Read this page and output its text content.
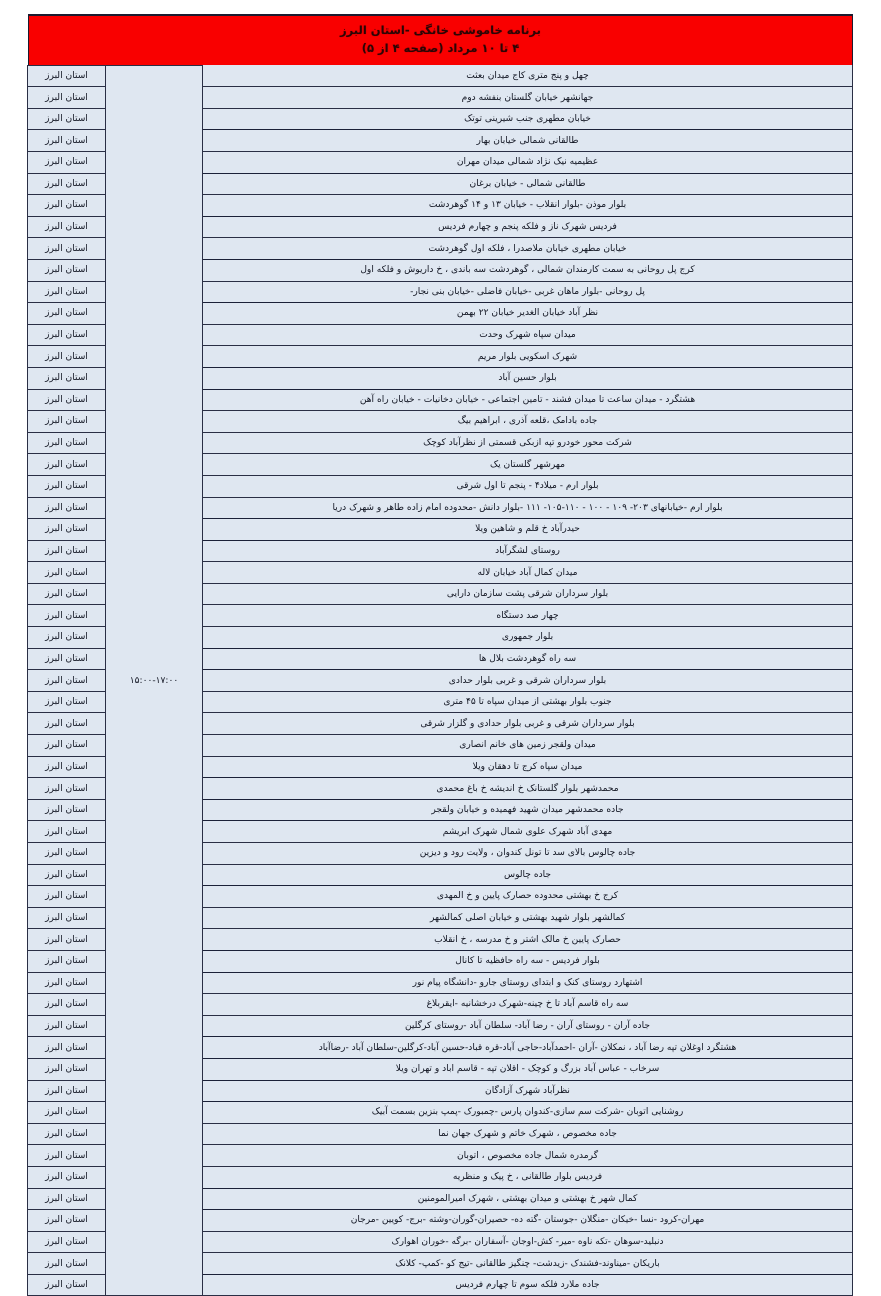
برنامه خاموشی خانگی -استان البرز
۴ تا ۱۰ مرداد (صفحه ۴ از ۵)
چهل و پنج متری کاج میدان بعثت	۱۵:۰۰-۱۷:۰۰	استان البرز
جهانشهر خیابان گلستان بنفشه دوم		استان البرز
خیابان مطهری جنب شیرینی توتک		استان البرز
طالقانی شمالی خیابان بهار		استان البرز
عظیمیه نیک نژاد شمالی میدان مهران		استان البرز
طالقانی شمالی - خیابان برغان		استان البرز
بلوار موذن -بلوار انقلاب - خیابان ۱۳ و ۱۴ گوهردشت		استان البرز
فردیس شهرک ناز و فلکه پنجم و چهارم فردیس		استان البرز
خیابان مطهری خیابان ملاصدرا ، فلکه اول گوهردشت		استان البرز
کرج پل روحانی به سمت کارمندان شمالی ، گوهردشت سه باندی ، خ داریوش و فلکه اول		استان البرز
پل روحانی -بلوار ماهان غربی -خیابان فاضلی -خیابان بنی نجار-		استان البرز
نظر آباد خیابان الغدیر خیابان ۲۲ بهمن		استان البرز
میدان سپاه شهرک وحدت		استان البرز
شهرک اسکویی بلوار مریم		استان البرز
بلوار حسین آباد		استان البرز
هشتگرد - میدان ساعت تا میدان فشند - تامین اجتماعی - خیابان دخانیات - خیابان راه آهن		استان البرز
جاده بادامک ،قلعه آذری ، ابراهیم بیگ		استان البرز
شرکت محور خودرو تپه ازبکی قسمتی از نظرآباد کوچک		استان البرز
مهرشهر گلستان یک		استان البرز
بلوار ارم - میلاد۴ - پنجم تا اول شرقی		استان البرز
بلوار ارم -خیابانهای ۲۰۳- ۱۰۹ - ۱۰۰ - ۱۱۰-۱۰۵- ۱۱۱ -بلوار دانش -محدوده امام زاده طاهر و شهرک دریا		استان البرز
حیدرآباد خ قلم و شاهین ویلا		استان البرز
روستای لشگرآباد		استان البرز
میدان کمال آباد خیابان لاله		استان البرز
بلوار سرداران شرقی پشت سازمان دارایی		استان البرز
چهار صد دستگاه		استان البرز
بلوار جمهوری		استان البرز
سه راه گوهردشت بلال ها		استان البرز
بلوار سرداران شرقی و غربی بلوار حدادی		استان البرز
جنوب بلوار بهشتی از میدان سپاه تا ۴۵ متری		استان البرز
بلوار سرداران شرقی و غربی بلوار حدادی و گلزار شرقی		استان البرز
میدان ولقجر زمین های خانم انصاری		استان البرز
میدان سپاه کرج تا دهقان ویلا		استان البرز
محمدشهر بلوار گلستانک خ اندیشه خ باغ محمدی		استان البرز
جاده محمدشهر میدان شهید فهمیده و خیابان ولقجر		استان البرز
مهدی آباد شهرک علوی شمال شهرک ابریشم		استان البرز
جاده چالوس بالای سد تا تونل کندوان ، ولایت رود و دیزین		استان البرز
جاده چالوس		استان البرز
کرج خ بهشتی محدوده حصارک پایین و خ المهدی		استان البرز
کمالشهر بلوار شهید بهشتی و خیابان اصلی کمالشهر		استان البرز
حصارک پایین خ مالک اشتر و خ مدرسه ، خ انقلاب		استان البرز
بلوار فردیس - سه راه حافظیه تا کانال		استان البرز
اشتهارد روستای کنک و ابتدای روستای جارو -دانشگاه پیام نور		استان البرز
سه راه قاسم آباد تا خ چینه-شهرک درخشانیه -ایقربلاغ		استان البرز
جاده آران - روستای آران - رضا آباد- سلطان آباد -روستای کرگلین		استان البرز
هشتگرد اوغلان تپه رضا آباد ، نمکلان -آران -احمدآباد-حاجی آباد-قره قباد-حسین آباد-کرگلین-سلطان آباد -رضاآباد		استان البرز
سرخاب - عباس آباد بزرگ و کوچک - اقلان تپه - قاسم اباد و تهران ویلا		استان البرز
نظرآباد شهرک آزادگان		استان البرز
روشنایی اتوبان -شرکت سم سازی-کندوان پارس -چمبورک -پمپ بنزین بسمت آبیک		استان البرز
جاده مخصوص ، شهرک خاتم و شهرک جهان نما		استان البرز
گرمدره شمال جاده مخصوص ، اتوبان		استان البرز
فردیس بلوار طالقانی ، خ پیک و منظریه		استان البرز
کمال شهر خ بهشتی و میدان بهشتی ، شهرک امیرالمومنین		استان البرز
مهران-کرود -نسا -خیکان -منگلان -جوستان -گته ده- حصیران-گوران-وشته -برج- کویین -مرجان		استان البرز
دنبلید-سوهان -تکه ناوه -میر- کش-اوجان -آسفاران -برگه -خوران اهوارک		استان البرز
باریکان -میناوند-فشندک -زیدشت- چنگیز طالقانی -تیج کو -کمپ- کلانک		استان البرز
جاده ملارد فلکه سوم تا چهارم فردیس		استان البرز
